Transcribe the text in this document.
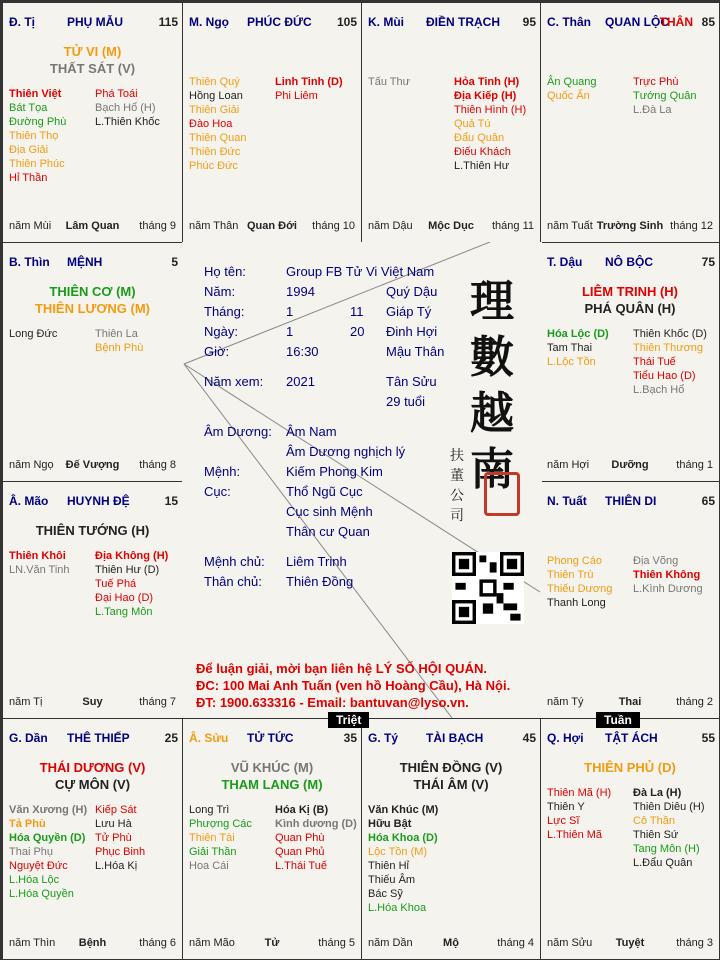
Đ. Tị	PHỤ MẪU	115
TỬ VI (M)
THẤT SÁT (V)
Thiên Việt
Bát Tọa
Đường Phù
Thiên Thọ
Địa Giải
Thiên Phúc
Hỉ Thần
Phá Toái
Bạch Hổ (H)
L.Thiên Khốc
năm Mùi	Lâm Quan	tháng 9
M. Ngọ PHÚC ĐỨC 105
Thiên Quý
Hồng Loan
Thiên Giải
Đào Hoa
Thiên Quan
Thiên Đức
Phúc Đức
Linh Tinh (D)
Phi Liêm
năm Thân Quan Đới	tháng 10
K. Mùi ĐIỀN TRẠCH 95
Tấu Thư	Hỏa Tinh (H)
Địa Kiếp (H)
Thiên Hình (H)
Quả Tú
Đẩu Quân
Điếu Khách
L.Thiên Hư
năm Dậu	Mộc Dục	tháng 11
C. Thân QUAN LỘC	85
THÂN
Ân Quang
Quốc Ấn
Trực Phù
Tướng Quân
L.Đà La
năm Tuất Trường Sinh tháng 12
B. Thìn MỆNH	5
THIÊN CƠ (M)
THIÊN LƯƠNG (M)
Long Đức	Thiên La
Bệnh Phù
năm Ngọ	Đế Vượng	tháng 8
T. Dậu NÔ BỘC	75
LIÊM TRINH (H)
PHÁ QUÂN (H)
Hóa Lộc (D)
Tam Thai
L.Lộc Tồn
Thiên Khốc (D)
Thiên Thương
Thái Tuế
Tiểu Hao (D)
L.Bạch Hổ
năm Hợi	Dưỡng	tháng 1
Â. Mão HUYNH ĐỆ	15
THIÊN TƯỚNG (H)
Thiên Khôi
LN.Văn Tinh
Địa Không (H)
Thiên Hư (D)
Tuế Phá
Đại Hao (D)
L.Tang Môn
năm Tị	Suy	tháng 7
N. Tuất THIÊN DI	65
Phong Cáo
Thiên Trù
Thiếu Dương
Thanh Long
Địa Võng
Thiên Không
L.Kình Dương
năm Tý	Thai	tháng 2
G. Dần THÊ THIẾP	25
THÁI DƯƠNG (V)
CỰ MÔN (V)
Văn Xương (H)
Tả Phù
Hóa Quyền (D)
Thai Phụ
Nguyệt Đức
L.Hóa Lộc
L.Hóa Quyền
Kiếp Sát
Lưu Hà
Tử Phù
Phục Binh
L.Hóa Kị
năm Thìn	Bệnh	tháng 6
Â. Sửu TỬ TỨC	35
VŨ KHÚC (M)
THAM LANG (M)
Long Trì
Phượng Các
Thiên Tài
Giải Thần
Hoa Cái
Hóa Kị (B)
Kình dương (D)
Quan Phù
Quan Phủ
L.Thái Tuế
năm Mão	Tử	tháng 5
G. Tý TÀI BẠCH	45
THIÊN ĐỒNG (V)
THÁI ÂM (V)
Văn Khúc (M)
Hữu Bật
Hóa Khoa (D)
Lộc Tồn (M)
Thiên Hỉ
Thiếu Âm
Bác Sỹ
L.Hóa Khoa
năm Dần	Mộ	tháng 4
Q. Hợi TẬT ÁCH	55
THIÊN PHỦ (D)
Thiên Mã (H)
Thiên Y
Lực Sĩ
L.Thiên Mã
Đà La (H)
Thiên Diêu (H)
Cô Thần
Thiên Sứ
Tang Môn (H)
L.Đẩu Quân
năm Sửu	Tuyệt	tháng 3
Họ tên:	Group FB Tử Vi Việt Nam
Năm:	1994	Quý Dậu
Tháng:	1	11 Giáp Tý
Ngày:	1	20 Đinh Hợi
Giờ:	16:30	Mậu Thân
Năm xem: 2021	Tân Sửu
29 tuổi
Âm Dương: Âm Nam
Âm Dương nghịch lý
Mệnh:	Kiếm Phong Kim
Cục:	Thổ Ngũ Cục
Cục sinh Mệnh
Thân cư Quan
Mệnh chủ: Liêm Trinh
Thân chủ: Thiên Đồng
理
數
越
南
扶
董
公
司
Để luận giải, mời bạn liên hệ LÝ SỐ HỘI QUÁN.
ĐC: 100 Mai Anh Tuấn (ven hồ Hoàng Cầu), Hà Nội.
ĐT: 1900.633316 - Email: bantuvan@lyso.vn.
Triệt	Tuần
